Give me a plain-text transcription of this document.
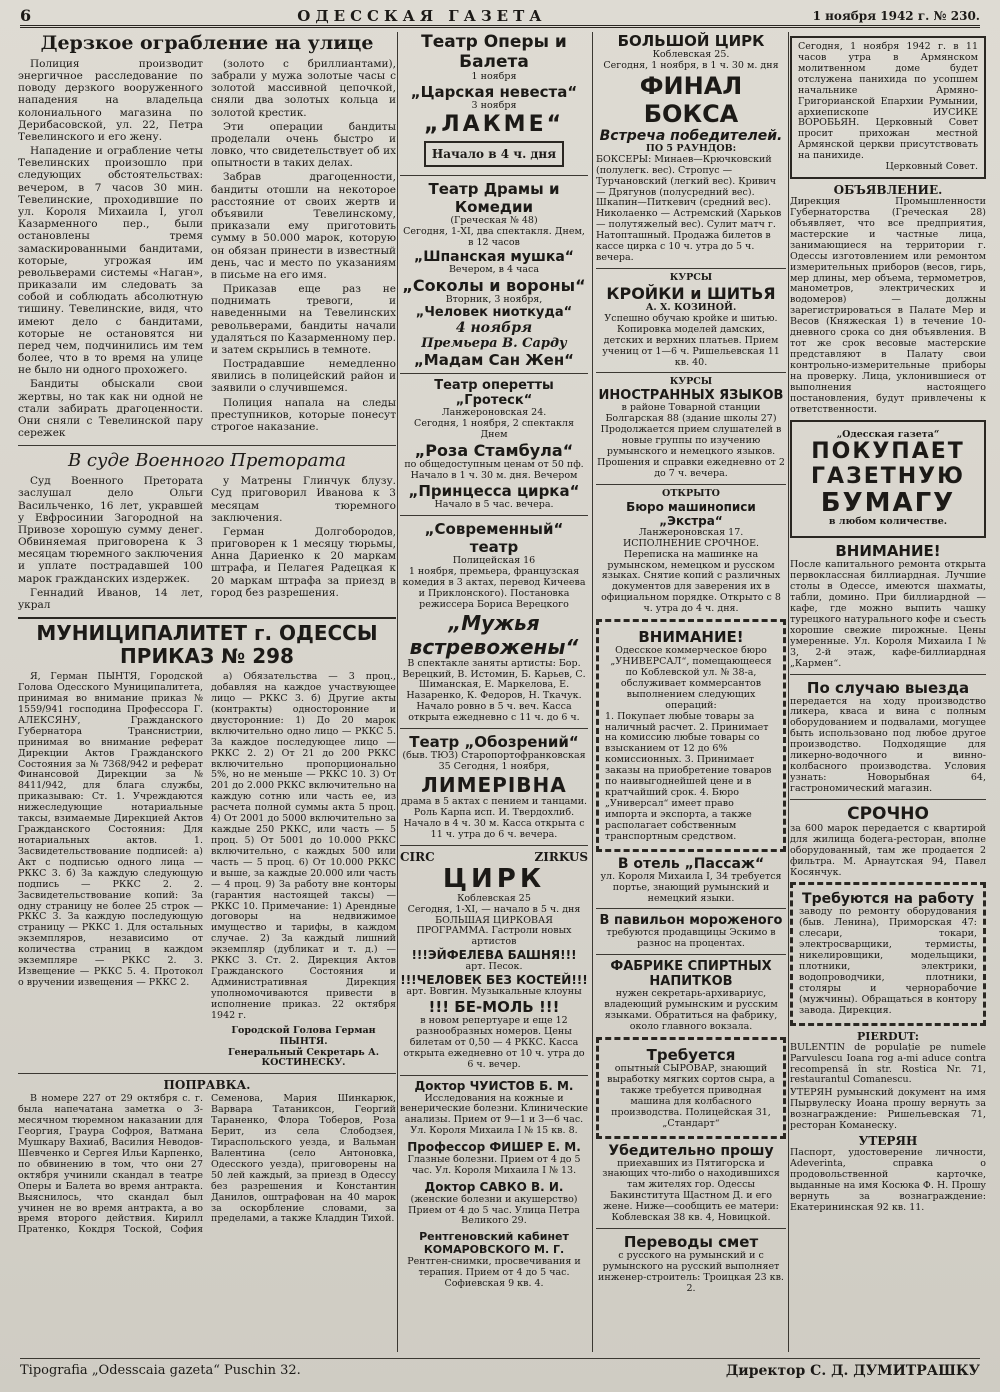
6	ОДЕССКАЯ ГАЗЕТА	1 ноября 1942 г. № 230.
Дерзкое ограбление на улице

Полиция производит энергичное расследование по поводу дерзкого вооруженного нападения на владельца колониального магазина по Дерибасовской, ул. 22, Петра Тевелинского и его жену.

Нападение и ограбление четы Тевелинских произошло при следующих обстоятельствах: вечером, в 7 часов 30 мин. Тевелинские, проходившие по ул. Короля Михаила I, угол Казарменного пер., были остановлены тремя замаскированными бандитами, которые, угрожая им револьверами системы «Наган», приказали им следовать за собой и соблюдать абсолютную тишину. Тевелинские, видя, что имеют дело с бандитами, которые не остановятся ни перед чем, подчинились им тем более, что в то время на улице не было ни одного прохожего.

Бандиты обыскали свои жертвы, но так как ни одной не стали забирать драгоценности. Они сняли с Тевелинской пару сережек

(золото с бриллиантами), забрали у мужа золотые часы с золотой массивной цепочкой, сняли два золотых кольца и золотой крестик.

Эти операции бандиты проделали очень быстро и ловко, что свидетельствует об их опытности в таких делах.

Забрав драгоценности, бандиты отошли на некоторое расстояние от своих жертв и объявили Тевелинскому, приказали ему приготовить сумму в 50.000 марок, которую он обязан принести в известный день, час и место по указаниям в письме на его имя.

Приказав еще раз не поднимать тревоги, и наведенными на Тевелинских револьверами, бандиты начали удаляться по Казарменному пер. и затем скрылись в темноте.

Пострадавшие немедленно явились в полицейский район и заявили о случившемся.

Полиция напала на следы преступников, которые понесут строгое наказание.

В суде Военного Претората

Суд Военного Претората заслушал дело Ольги Васильченко, 16 лет, укравшей у Евфросинии Загородной на Привозе хорошую сумму денег. Обвиняемая приговорена к 3 месяцам тюремного заключения и уплате пострадавшей 100 марок гражданских издержек.

Геннадий Иванов, 14 лет, украл

у Матрены Глинчук блузу. Суд приговорил Иванова к 3 месяцам тюремного заключения.

Герман Долгобородов, приговорен к 1 месяцу тюрьмы, Анна Дариенко к 20 маркам штрафа, и Пелагея Радецкая к 20 маркам штрафа за приезд в город без разрешения.

МУНИЦИПАЛИТЕТ г. ОДЕССЫ
ПРИКАЗ № 298

Я, Герман ПЫНТЯ, Городской Голова Одесского Муниципалитета, принимая во внимание приказ № 1559/941 господина Профессора Г. АЛЕКСЯНУ, Гражданского Губернатора Транснистрии, принимая во внимание реферат Дирекции Актов Гражданского Состояния за № 7368/942 и реферат Финансовой Дирекции за № 8411/942, для блага службы, приказываю: Ст. 1. Учреждаются нижеследующие нотариальные таксы, взимаемые Дирекцией Актов Гражданского Состояния: Для нотариальных актов. 1. Засвидетельствование подписей: а) Акт с подписью одного лица — РККС 3. б) За каждую следующую подпись — РККС 2. 2. Засвидетельствование копий: За одну страницу не более 25 строк — РККС 3. За каждую последующую страницу — РККС 1. Для остальных экземпляров, независимо от количества страниц в каждом экземпляре — РККС 2. 3. Извещение — РККС 5. 4. Протокол о вручении извещения — РККС 2.

а) Обязательства — 3 проц., добавляя на каждое участвующее лицо — РККС 3. б) Другие акты (контракты) односторонние и двусторонние: 1) До 20 марок включительно одно лицо — РККС 5. За каждое последующее лицо — РККС 2. 2) От 21 до 200 РККС включительно пропорционально 5%, но не меньше — РККС 10. 3) От 201 до 2.000 РККС включительно на каждую сотню или часть ее, из расчета полной суммы акта 5 проц. 4) От 2001 до 5000 включительно за каждые 250 РККС, или часть — 5 проц. 5) От 5001 до 10.000 РККС включительно, с каждых 500 или часть — 5 проц. 6) От 10.000 РККС и выше, за каждые 20.000 или часть — 4 проц. 9) За работу вне конторы (гарантия настоящей таксы) — РККС 10. Примечание: 1) Арендные договоры на недвижимое имущество и тарифы, в каждом случае. 2) За каждый лишний экземпляр (дубликат и т. д.) — РККС 3. Ст. 2. Дирекция Актов Гражданского Состояния и Административная Дирекция уполномочиваются привести в исполнение приказ. 22 октября 1942 г.

Городской Голова Герман ПЫНТЯ.
Генеральный Секретарь А. КОСТИНЕСКУ.
ПОПРАВКА.

В номере 227 от 29 октября с. г. была напечатана заметка о 3-месячном тюремном наказании для Георгия, Граура Софроя, Ватмана Мушкару Вахиаб, Василия Неводов-Шевченко и Сергея Ильи Карпенко, по обвинению в том, что они 27 октября учинили скандал в театре Оперы и Балета во время антракта. Выяснилось, что скандал был учинен не во время антракта, а во время второго действия. Кирилл Пратенко, Кокдря Тоской, София Семенова, Мария Шинкарюк, Варвара Татаниксон, Георгий Тараненко, Флора Тоберов, Роза Берит, из села Слободзея, Тираспольского уезда, и Вальман Валентина (село Антоновка, Одесского уезда), приговорены на 50 лей каждый, за приезд в Одессу без разрешения и Константин Данилов, оштрафован на 40 марок за оскорбление словами, за пределами, а также Кладдин Тихой.

Театр Оперы и Балета
1 ноября
„Царская невеста“
3 ноября
„ЛАКМЕ“
Начало в 4 ч. дня
Театр Драмы и Комедии
(Греческая № 48)
Сегодня, 1-XI, два спектакля. Днем, в 12 часов
„Шпанская мушка“
Вечером, в 4 часа
„Соколы и вороны“
Вторник, 3 ноября,
„Человек ниоткуда“
4 ноября
Премьера В. Сарду
„Мадам Сан Жен“
Театр оперетты „Гротеск“
Ланжероновская 24.
Сегодня, 1 ноября, 2 спектакля Днем
„Роза Стамбула“
по общедоступным ценам от 50 пф. Начало в 1 ч. 30 м. дня. Вечером
„Принцесса цирка“
Начало в 5 час. вечера.
„Современный“ театр
Полицейская 16
1 ноября, премьера, французская комедия в 3 актах, перевод Кичеева и Приклонского). Постановка режиссера Бориса Верецкого
„Мужья встревожены“
В спектакле заняты артисты: Бор. Верецкий, В. Истомин, Б. Карьев, С. Шиманская, Е. Маркелова, Е. Назаренко, К. Федоров, Н. Ткачук. Начало ровно в 5 ч. веч. Касса открыта ежедневно с 11 ч. до 6 ч.
Театр „Обозрений“
(быв. ТЮЗ) Старопортофранковская 35 Сегодня, 1 ноября,
ЛИМЕРІВНА
драма в 5 актах с пением и танцами. Роль Карпа исп. И. Твердохлиб. Начало в 4 ч. 30 м. Касса открыта с 11 ч. утра до 6 ч. вечера.
CIRC	ZIRKUS
ЦИРК
Коблевская 25
Сегодня, 1-XI, — начало в 5 ч. дня БОЛЬШАЯ ЦИРКОВАЯ ПРОГРАММА. Гастроли новых артистов
!!!ЭЙФЕЛЕВА БАШНЯ!!!
арт. Песок.
!!!ЧЕЛОВЕК БЕЗ КОСТЕЙ!!!
арт. Вовгин. Музыкальные клоуны
!!! БЕ-МОЛЬ !!!
в новом репертуаре и еще 12 разнообразных номеров. Цены билетам от 0,50 — 4 РККС. Касса открыта ежедневно от 10 ч. утра до 6 ч. вечер.
Доктор ЧУИСТОВ Б. М.
Исследования на кожные и венерические болезни. Клинические анализы. Прием от 9—1 и 3—6 час. Ул. Короля Михаила I № 15 кв. 8.
Профессор ФИШЕР Е. М.
Глазные болезни. Прием от 4 до 5 час. Ул. Короля Михаила I № 13.
Доктор САВКО В. И.
(женские болезни и акушерство) Прием от 4 до 5 час. Улица Петра Великого 29.
Рентгеновский кабинет КОМАРОВСКОГО М. Г.
Рентген-снимки, просвечивания и терапия. Прием от 4 до 5 час. Софиевская 9 кв. 4.
БОЛЬШОЙ ЦИРК
Коблевская 25.
Сегодня, 1 ноября, в 1 ч. 30 м. дня
ФИНАЛ БОКСА
Встреча победителей.
ПО 5 РАУНДОВ:
БОКСЕРЫ: Минаев—Крючковский (полулегк. вес). Стропус — Турчановский (легкий вес). Кривич — Дрягунов (полусредний вес). Шкапин—Питкевич (средний вес). Николаенко — Астремский (Харьков — полутяжелый вес). Сулит матч г. Натопташный. Продажа билетов в кассе цирка с 10 ч. утра до 5 ч. вечера.
КУРСЫ
КРОЙКИ и ШИТЬЯ
А. Х. КОЗИНОЙ.
Успешно обучаю кройке и шитью. Копировка моделей дамских, детских и верхних платьев. Прием учениц от 1—6 ч. Ришельевская 11 кв. 40.
КУРСЫ
ИНОСТРАННЫХ ЯЗЫКОВ
в районе Товарной станции Болгарская 88 (здание школы 27) Продолжается прием слушателей в новые группы по изучению румынского и немецкого языков. Прошения и справки ежедневно от 2 до 7 ч. вечера.
ОТКРЫТО
Бюро машинописи „Экстра“
Ланжероновская 17.
ИСПОЛНЕНИЕ СРОЧНОЕ. Переписка на машинке на румынском, немецком и русском языках. Снятие копий с различных документов для заверения их в официальном порядке. Открыто с 8 ч. утра до 4 ч. дня.
ВНИМАНИЕ!
Одесское коммерческое бюро „УНИВЕРСАЛ“, помещающееся по Коблевской ул. № 38-а, обслуживает коммерсантов выполнением следующих операций:
1. Покупает любые товары за наличный расчет. 2. Принимает на комиссию любые товары со взысканием от 12 до 6% комиссионных. 3. Принимает заказы на приобретение товаров по наивыгоднейшей цене и в кратчайший срок. 4. Бюро „Универсал“ имеет право импорта и экспорта, а также располагает собственным транспортным средством.
В отель „Пассаж“
ул. Короля Михаила I, 34 требуется портье, знающий румынский и немецкий языки.
В павильон мороженого
требуются продавщицы Эскимо в разнос на процентах.
ФАБРИКЕ СПИРТНЫХ НАПИТКОВ
нужен секретарь-архивариус, владеющий румынским и русским языками. Обратиться на фабрику, около главного вокзала.
Требуется
опытный СЫРОВАР, знающий выработку мягких сортов сыра, а также требуется приводная машина для колбасного производства. Полицейская 31, „Стандарт“
Убедительно прошу
приехавших из Пятигорска и знающих что-либо о находившихся там жителях гор. Одессы Бакинститута Щастном Д. и его жене. Ниже—сообщить ее матери: Коблевская 38 кв. 4, Новицкой.
Переводы смет
с русского на румынский и с румынского на русский выполняет инженер-строитель: Троицкая 23 кв. 2.
Сегодня, 1 ноября 1942 г. в 11 часов утра в Армянском молитвенном доме будет отслужена панихида по усопшем начальнике Армяно-Григорианской Епархии Румынии, архиепископе ИУСИКЕ ВОРОБЬЯН. Церковный Совет просит прихожан местной Армянской церкви присутствовать на панихиде.
Церковный Совет.
ОБЪЯВЛЕНИЕ.
Дирекция Промышленности Губернаторства (Греческая 28) объявляет, что все предприятия, мастерские и частные лица, занимающиеся на территории г. Одессы изготовлением или ремонтом измерительных приборов (весов, гирь, мер длины, мер объема, термометров, манометров, электрических и водомеров) — должны зарегистрироваться в Палате Мер и Весов (Княжеская 1) в течение 10-дневного срока со дня объявления. В тот же срок весовые мастерские представляют в Палату свои контрольно-измерительные приборы на проверку. Лица, уклонившиеся от выполнения настоящего постановления, будут привлечены к ответственности.
„Одесская газета“
ПОКУПАЕТ
ГАЗЕТНУЮ
БУМАГУ
в любом количестве.
ВНИМАНИЕ!
После капитального ремонта открыта первоклассная биллиардная. Лучшие столы в Одессе, имеются шахматы, табли, домино. При биллиардной — кафе, где можно выпить чашку турецкого натурального кофе и съесть хорошие свежие пирожные. Цены умеренные. Ул. Короля Михаила I № 3, 2-й этаж, кафе-биллиардная „Кармен“.
По случаю выезда
передается на ходу производство ликера, кваса и вина с полным оборудованием и подвалами, могущее быть использовано под любое другое производство. Подходящие для ликерно-водочного и винно-колбасного производства. Условия узнать: Новорыбная 64, гастрономический магазин.
СРОЧНО
за 600 марок передается с квартирой для жилища бодега-ресторан, вполне оборудованный, там же продается 2 фильтра. М. Арнаутская 94, Павел Косянчук.
Требуются на работу
заводу по ремонту оборудования (быв. Ленина), Приморская 47: слесари, токари, электросварщики, термисты, никелировщики, модельщики, плотники, электрики, водопроводчики, плотники, столяры и чернорабочие (мужчины). Обращаться в контору завода. Дирекция.
PIERDUT:
BULENTIN de populație pe numele Parvulescu Ioana rog a-mi aduce contra recompensă în str. Rostica Nr. 71, restaurantul Comanescu.
УТЕРЯН румынский документ на имя Пырвулеску Иоана прошу вернуть за вознаграждение: Ришельевская 71, ресторан Команеску.
УТЕРЯН
Паспорт, удостоверение личности, Adeverinta, справка о продовольственной карточке, выданные на имя Косюка Ф. Н. Прошу вернуть за вознаграждение: Екатерининская 92 кв. 11.
Tipografia „Odesscaia gazeta“ Puschin 32.	Директор С. Д. ДУМИТРАШКУ
